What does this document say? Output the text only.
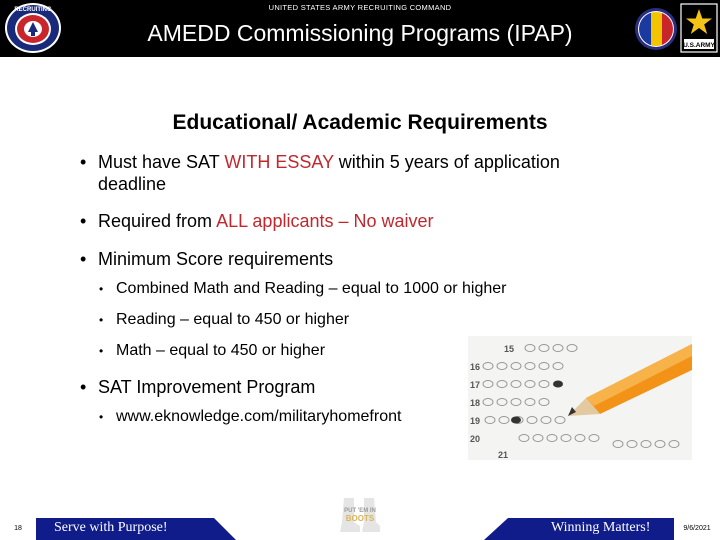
UNITED STATES ARMY RECRUITING COMMAND
AMEDD Commissioning Programs (IPAP)
RECRUITING
U.S.ARMY
Educational/ Academic Requirements
• Must have SAT WITH ESSAY within 5 years of application
deadline
• Required from ALL applicants – No waiver
• Minimum Score requirements
• Combined Math and Reading – equal to 1000 or higher
• Reading – equal to 450 or higher
• Math – equal to 450 or higher
• SAT Improvement Program
• www.eknowledge.com/militaryhomefront
15
16
17
18
19
20
21
18	Serve with Purpose!	Winning Matters!	9/6/2021
PUT 'EM IN
BOOTS
